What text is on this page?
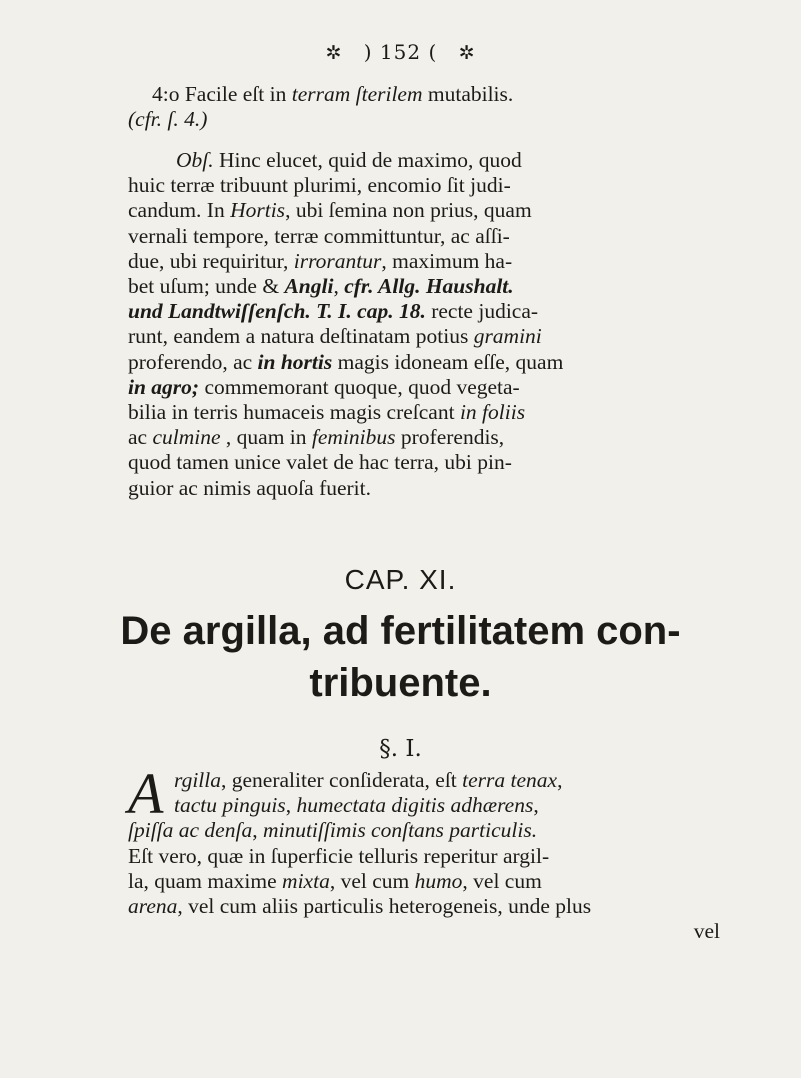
✲ ) 152 ( ✲
4:o Facile eſt in terram ſterilem mutabilis.
(cfr. ſ. 4.)
Obſ. Hinc elucet, quid de maximo, quod
huic terræ tribuunt plurimi, encomio ſit judi-
candum. In Hortis, ubi ſemina non prius, quam
vernali tempore, terræ committuntur, ac aſſi-
due, ubi requiritur, irrorantur, maximum ha-
bet uſum; unde & Angli, cfr. Allg. Haushalt.
und Landtwiſſenſch. T. I. cap. 18. recte judica-
runt, eandem a natura deſtinatam potius gramini
proferendo, ac in hortis magis idoneam eſſe, quam
in agro; commemorant quoque, quod vegeta-
bilia in terris humaceis magis creſcant in foliis
ac culmine , quam in feminibus proferendis,
quod tamen unice valet de hac terra, ubi pin-
guior ac nimis aquoſa fuerit.
CAP. XI.
De argilla, ad fertilitatem con-
tribuente.
§. I.
A rgilla, generaliter conſiderata, eſt terra tenax,
tactu pinguis, humectata digitis adhærens,
ſpiſſa ac denſa, minutiſſimis conſtans particulis.
Eſt vero, quæ in ſuperficie telluris reperitur argil-
la, quam maxime mixta, vel cum humo, vel cum
arena, vel cum aliis particulis heterogeneis, unde plus
vel
